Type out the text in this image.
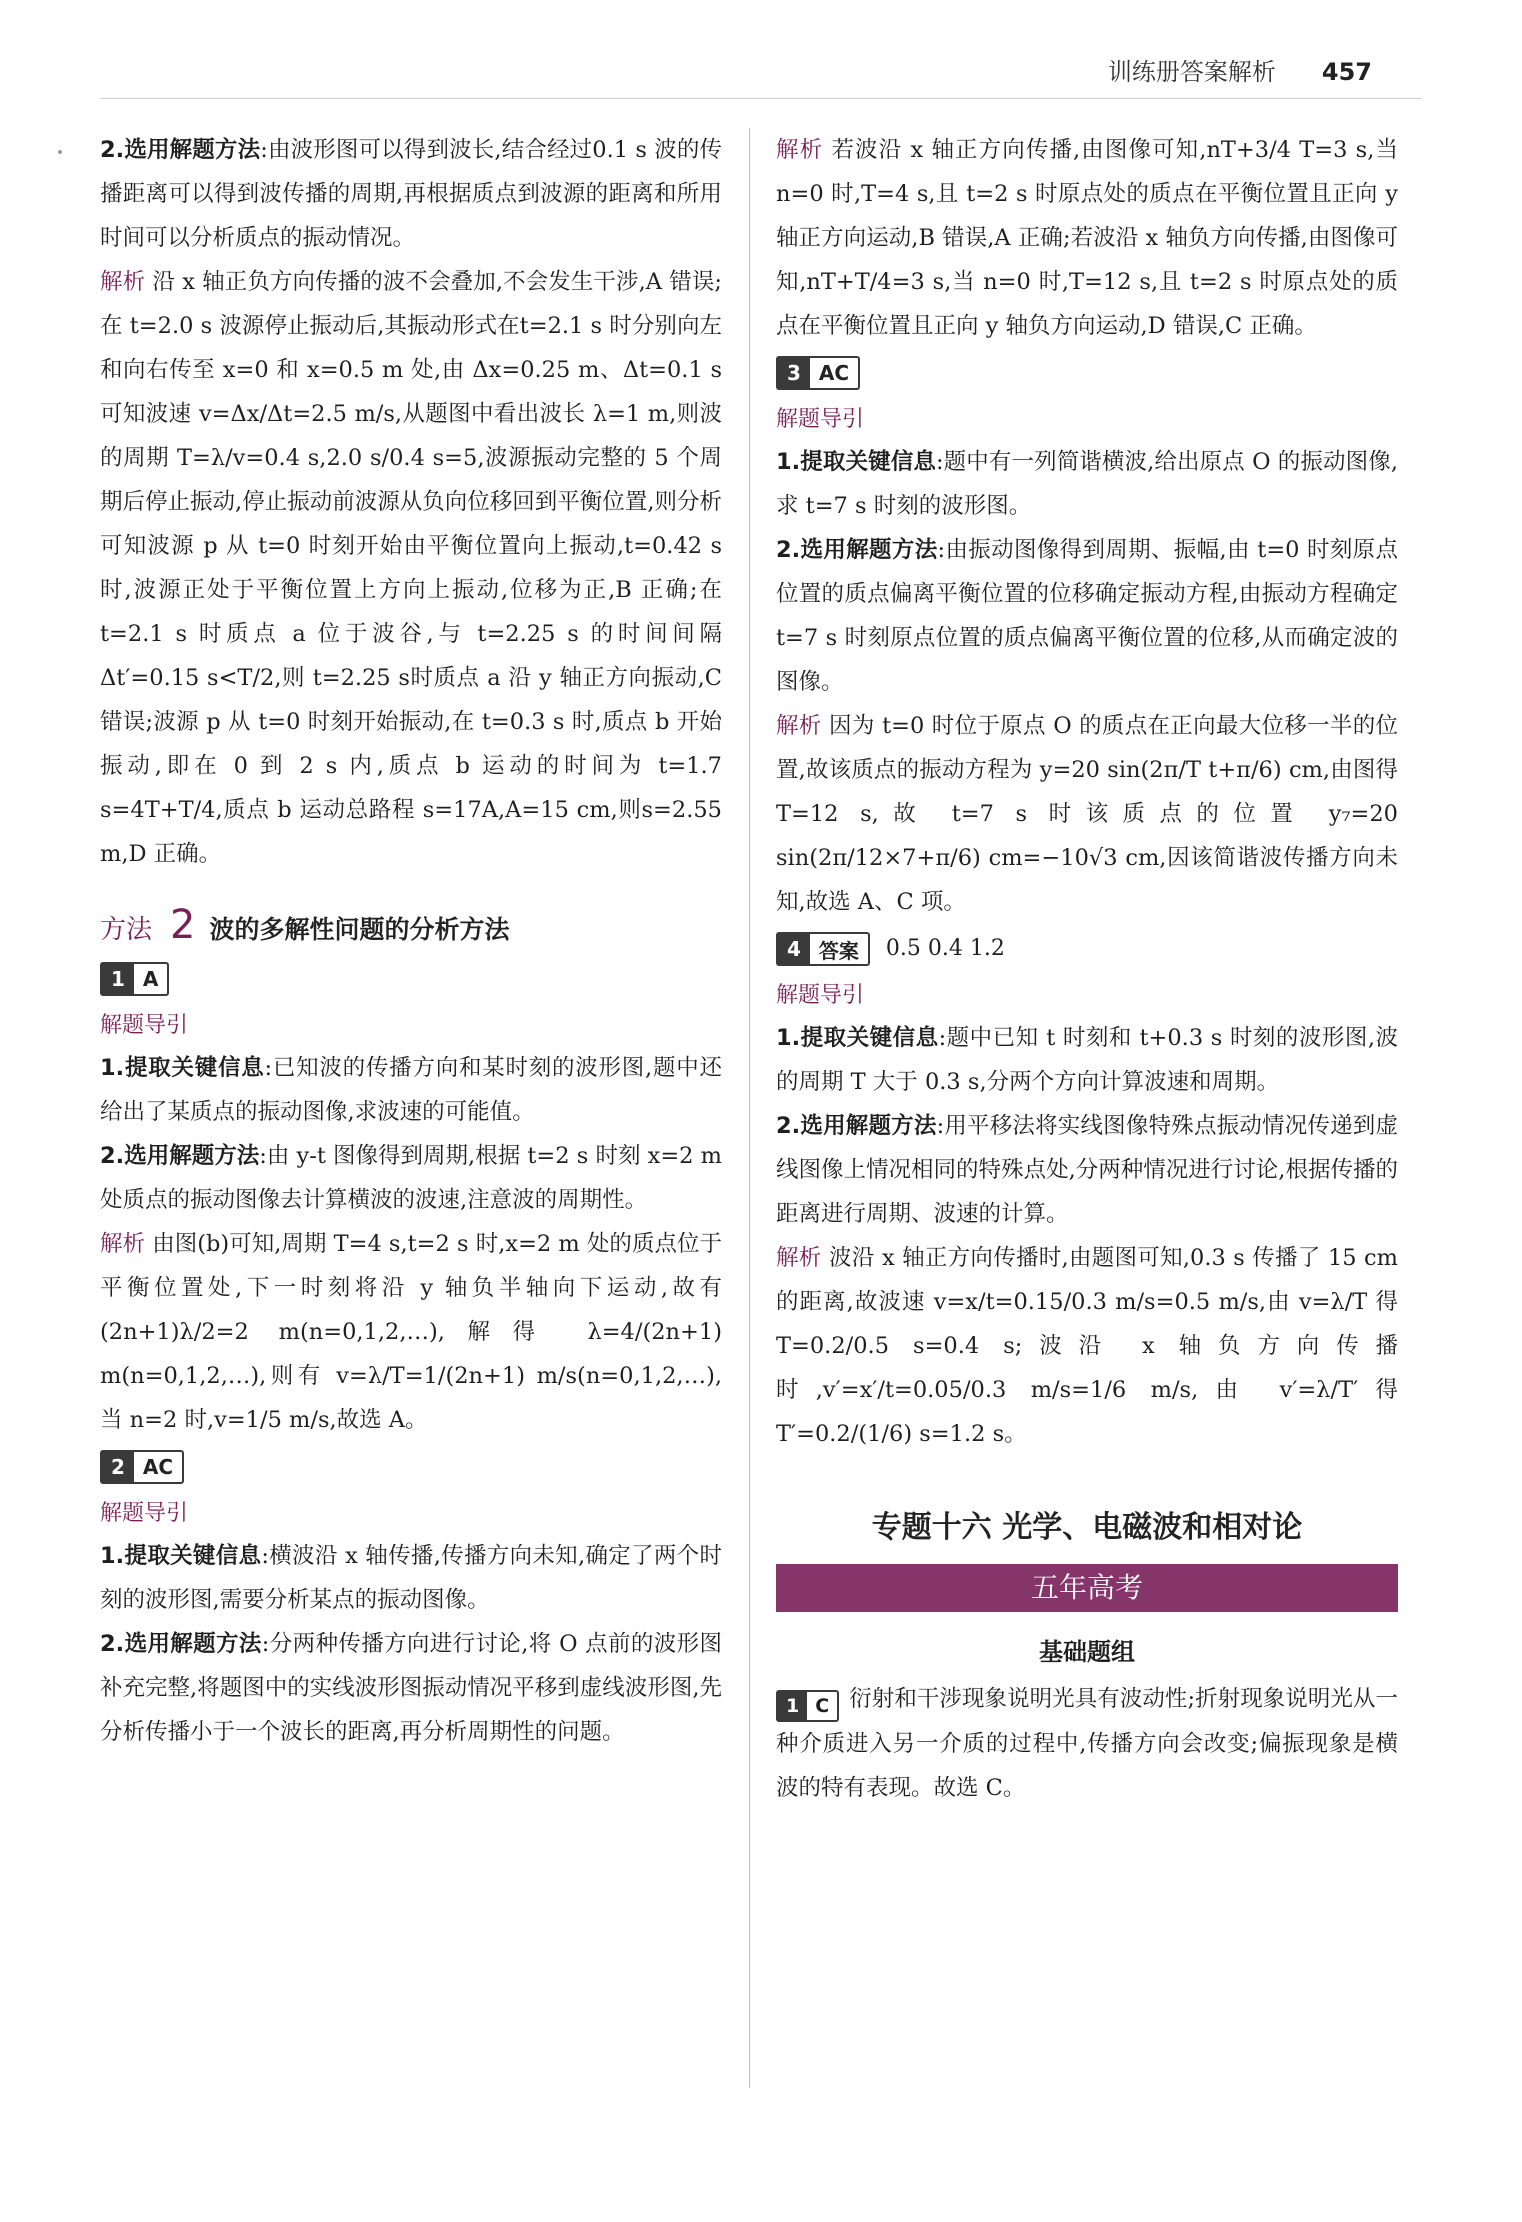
训练册答案解析 457

2.选用解题方法:由波形图可以得到波长,结合经过0.1 s 波的传播距离可以得到波传播的周期,再根据质点到波源的距离和所用时间可以分析质点的振动情况。

解析 沿 x 轴正负方向传播的波不会叠加,不会发生干涉,A 错误;在 t=2.0 s 波源停止振动后,其振动形式在t=2.1 s 时分别向左和向右传至 x=0 和 x=0.5 m 处,由 Δx=0.25 m、Δt=0.1 s 可知波速 v=Δx/Δt=2.5 m/s,从题图中看出波长 λ=1 m,则波的周期 T=λ/v=0.4 s,2.0 s/0.4 s=5,波源振动完整的 5 个周期后停止振动,停止振动前波源从负向位移回到平衡位置,则分析可知波源 p 从 t=0 时刻开始由平衡位置向上振动,t=0.42 s 时,波源正处于平衡位置上方向上振动,位移为正,B 正确;在 t=2.1 s 时质点 a 位于波谷,与 t=2.25 s 的时间间隔 Δt′=0.15 s<T/2,则 t=2.25 s时质点 a 沿 y 轴正方向振动,C 错误;波源 p 从 t=0 时刻开始振动,在 t=0.3 s 时,质点 b 开始振动,即在 0 到 2 s 内,质点 b 运动的时间为 t=1.7 s=4T+T/4,质点 b 运动总路程 s=17A,A=15 cm,则s=2.55 m,D 正确。

方法 2 波的多解性问题的分析方法
1 A
解题导引

1.提取关键信息:已知波的传播方向和某时刻的波形图,题中还给出了某质点的振动图像,求波速的可能值。

2.选用解题方法:由 y-t 图像得到周期,根据 t=2 s 时刻 x=2 m 处质点的振动图像去计算横波的波速,注意波的周期性。

解析 由图(b)可知,周期 T=4 s,t=2 s 时,x=2 m 处的质点位于平衡位置处,下一时刻将沿 y 轴负半轴向下运动,故有(2n+1)λ/2=2 m(n=0,1,2,…),解得 λ=4/(2n+1) m(n=0,1,2,…),则有 v=λ/T=1/(2n+1) m/s(n=0,1,2,…),当 n=2 时,v=1/5 m/s,故选 A。

2 AC
解题导引

1.提取关键信息:横波沿 x 轴传播,传播方向未知,确定了两个时刻的波形图,需要分析某点的振动图像。

2.选用解题方法:分两种传播方向进行讨论,将 O 点前的波形图补充完整,将题图中的实线波形图振动情况平移到虚线波形图,先分析传播小于一个波长的距离,再分析周期性的问题。

解析 若波沿 x 轴正方向传播,由图像可知,nT+3/4 T=3 s,当 n=0 时,T=4 s,且 t=2 s 时原点处的质点在平衡位置且正向 y 轴正方向运动,B 错误,A 正确;若波沿 x 轴负方向传播,由图像可知,nT+T/4=3 s,当 n=0 时,T=12 s,且 t=2 s 时原点处的质点在平衡位置且正向 y 轴负方向运动,D 错误,C 正确。

3 AC
解题导引

1.提取关键信息:题中有一列简谐横波,给出原点 O 的振动图像,求 t=7 s 时刻的波形图。

2.选用解题方法:由振动图像得到周期、振幅,由 t=0 时刻原点位置的质点偏离平衡位置的位移确定振动方程,由振动方程确定 t=7 s 时刻原点位置的质点偏离平衡位置的位移,从而确定波的图像。

解析 因为 t=0 时位于原点 O 的质点在正向最大位移一半的位置,故该质点的振动方程为 y=20 sin(2π/T t+π/6) cm,由图得 T=12 s,故 t=7 s 时该质点的位置 y₇=20 sin(2π/12×7+π/6) cm=−10√3 cm,因该简谐波传播方向未知,故选 A、C 项。

4 答案	0.5 0.4 1.2
解题导引

1.提取关键信息:题中已知 t 时刻和 t+0.3 s 时刻的波形图,波的周期 T 大于 0.3 s,分两个方向计算波速和周期。

2.选用解题方法:用平移法将实线图像特殊点振动情况传递到虚线图像上情况相同的特殊点处,分两种情况进行讨论,根据传播的距离进行周期、波速的计算。

解析 波沿 x 轴正方向传播时,由题图可知,0.3 s 传播了 15 cm 的距离,故波速 v=x/t=0.15/0.3 m/s=0.5 m/s,由 v=λ/T 得 T=0.2/0.5 s=0.4 s;波沿 x 轴负方向传播时,v′=x′/t=0.05/0.3 m/s=1/6 m/s,由 v′=λ/T′得 T′=0.2/(1/6) s=1.2 s。

专题十六 光学、电磁波和相对论
五年高考
基础题组

1 C 衍射和干涉现象说明光具有波动性;折射现象说明光从一种介质进入另一介质的过程中,传播方向会改变;偏振现象是横波的特有表现。故选 C。
